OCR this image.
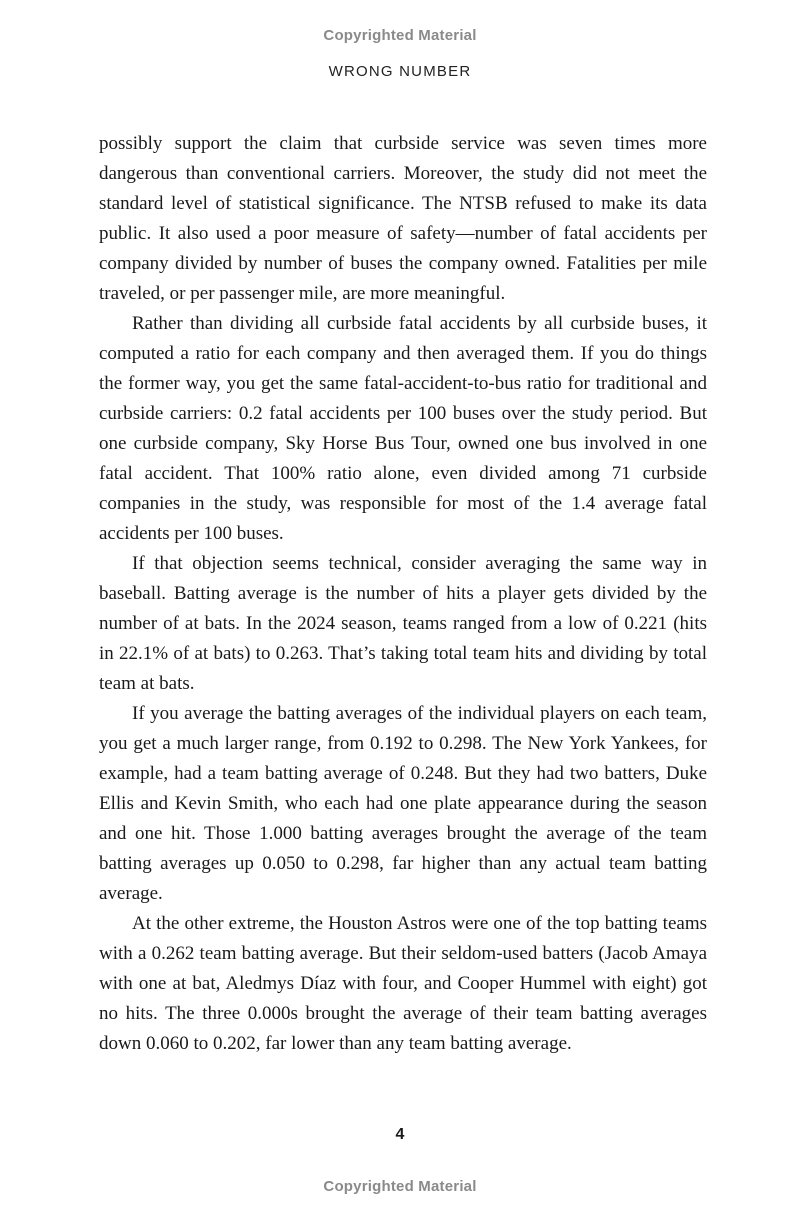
Copyrighted Material
WRONG NUMBER

possibly support the claim that curbside service was seven times more dangerous than conventional carriers. Moreover, the study did not meet the standard level of statistical significance. The NTSB refused to make its data public. It also used a poor measure of safety—number of fatal accidents per company divided by number of buses the company owned. Fatalities per mile traveled, or per passenger mile, are more meaningful.

Rather than dividing all curbside fatal accidents by all curbside buses, it computed a ratio for each company and then averaged them. If you do things the former way, you get the same fatal-accident-to-bus ratio for traditional and curbside carriers: 0.2 fatal accidents per 100 buses over the study period. But one curbside company, Sky Horse Bus Tour, owned one bus involved in one fatal accident. That 100% ratio alone, even divided among 71 curbside companies in the study, was responsible for most of the 1.4 average fatal accidents per 100 buses.

If that objection seems technical, consider averaging the same way in baseball. Batting average is the number of hits a player gets divided by the number of at bats. In the 2024 season, teams ranged from a low of 0.221 (hits in 22.1% of at bats) to 0.263. That’s taking total team hits and dividing by total team at bats.

If you average the batting averages of the individual players on each team, you get a much larger range, from 0.192 to 0.298. The New York Yankees, for example, had a team batting average of 0.248. But they had two batters, Duke Ellis and Kevin Smith, who each had one plate appearance during the season and one hit. Those 1.000 batting averages brought the average of the team batting averages up 0.050 to 0.298, far higher than any actual team batting average.

At the other extreme, the Houston Astros were one of the top batting teams with a 0.262 team batting average. But their seldom-used batters (Jacob Amaya with one at bat, Aledmys Díaz with four, and Cooper Hummel with eight) got no hits. The three 0.000s brought the average of their team batting averages down 0.060 to 0.202, far lower than any team batting average.

4
Copyrighted Material
